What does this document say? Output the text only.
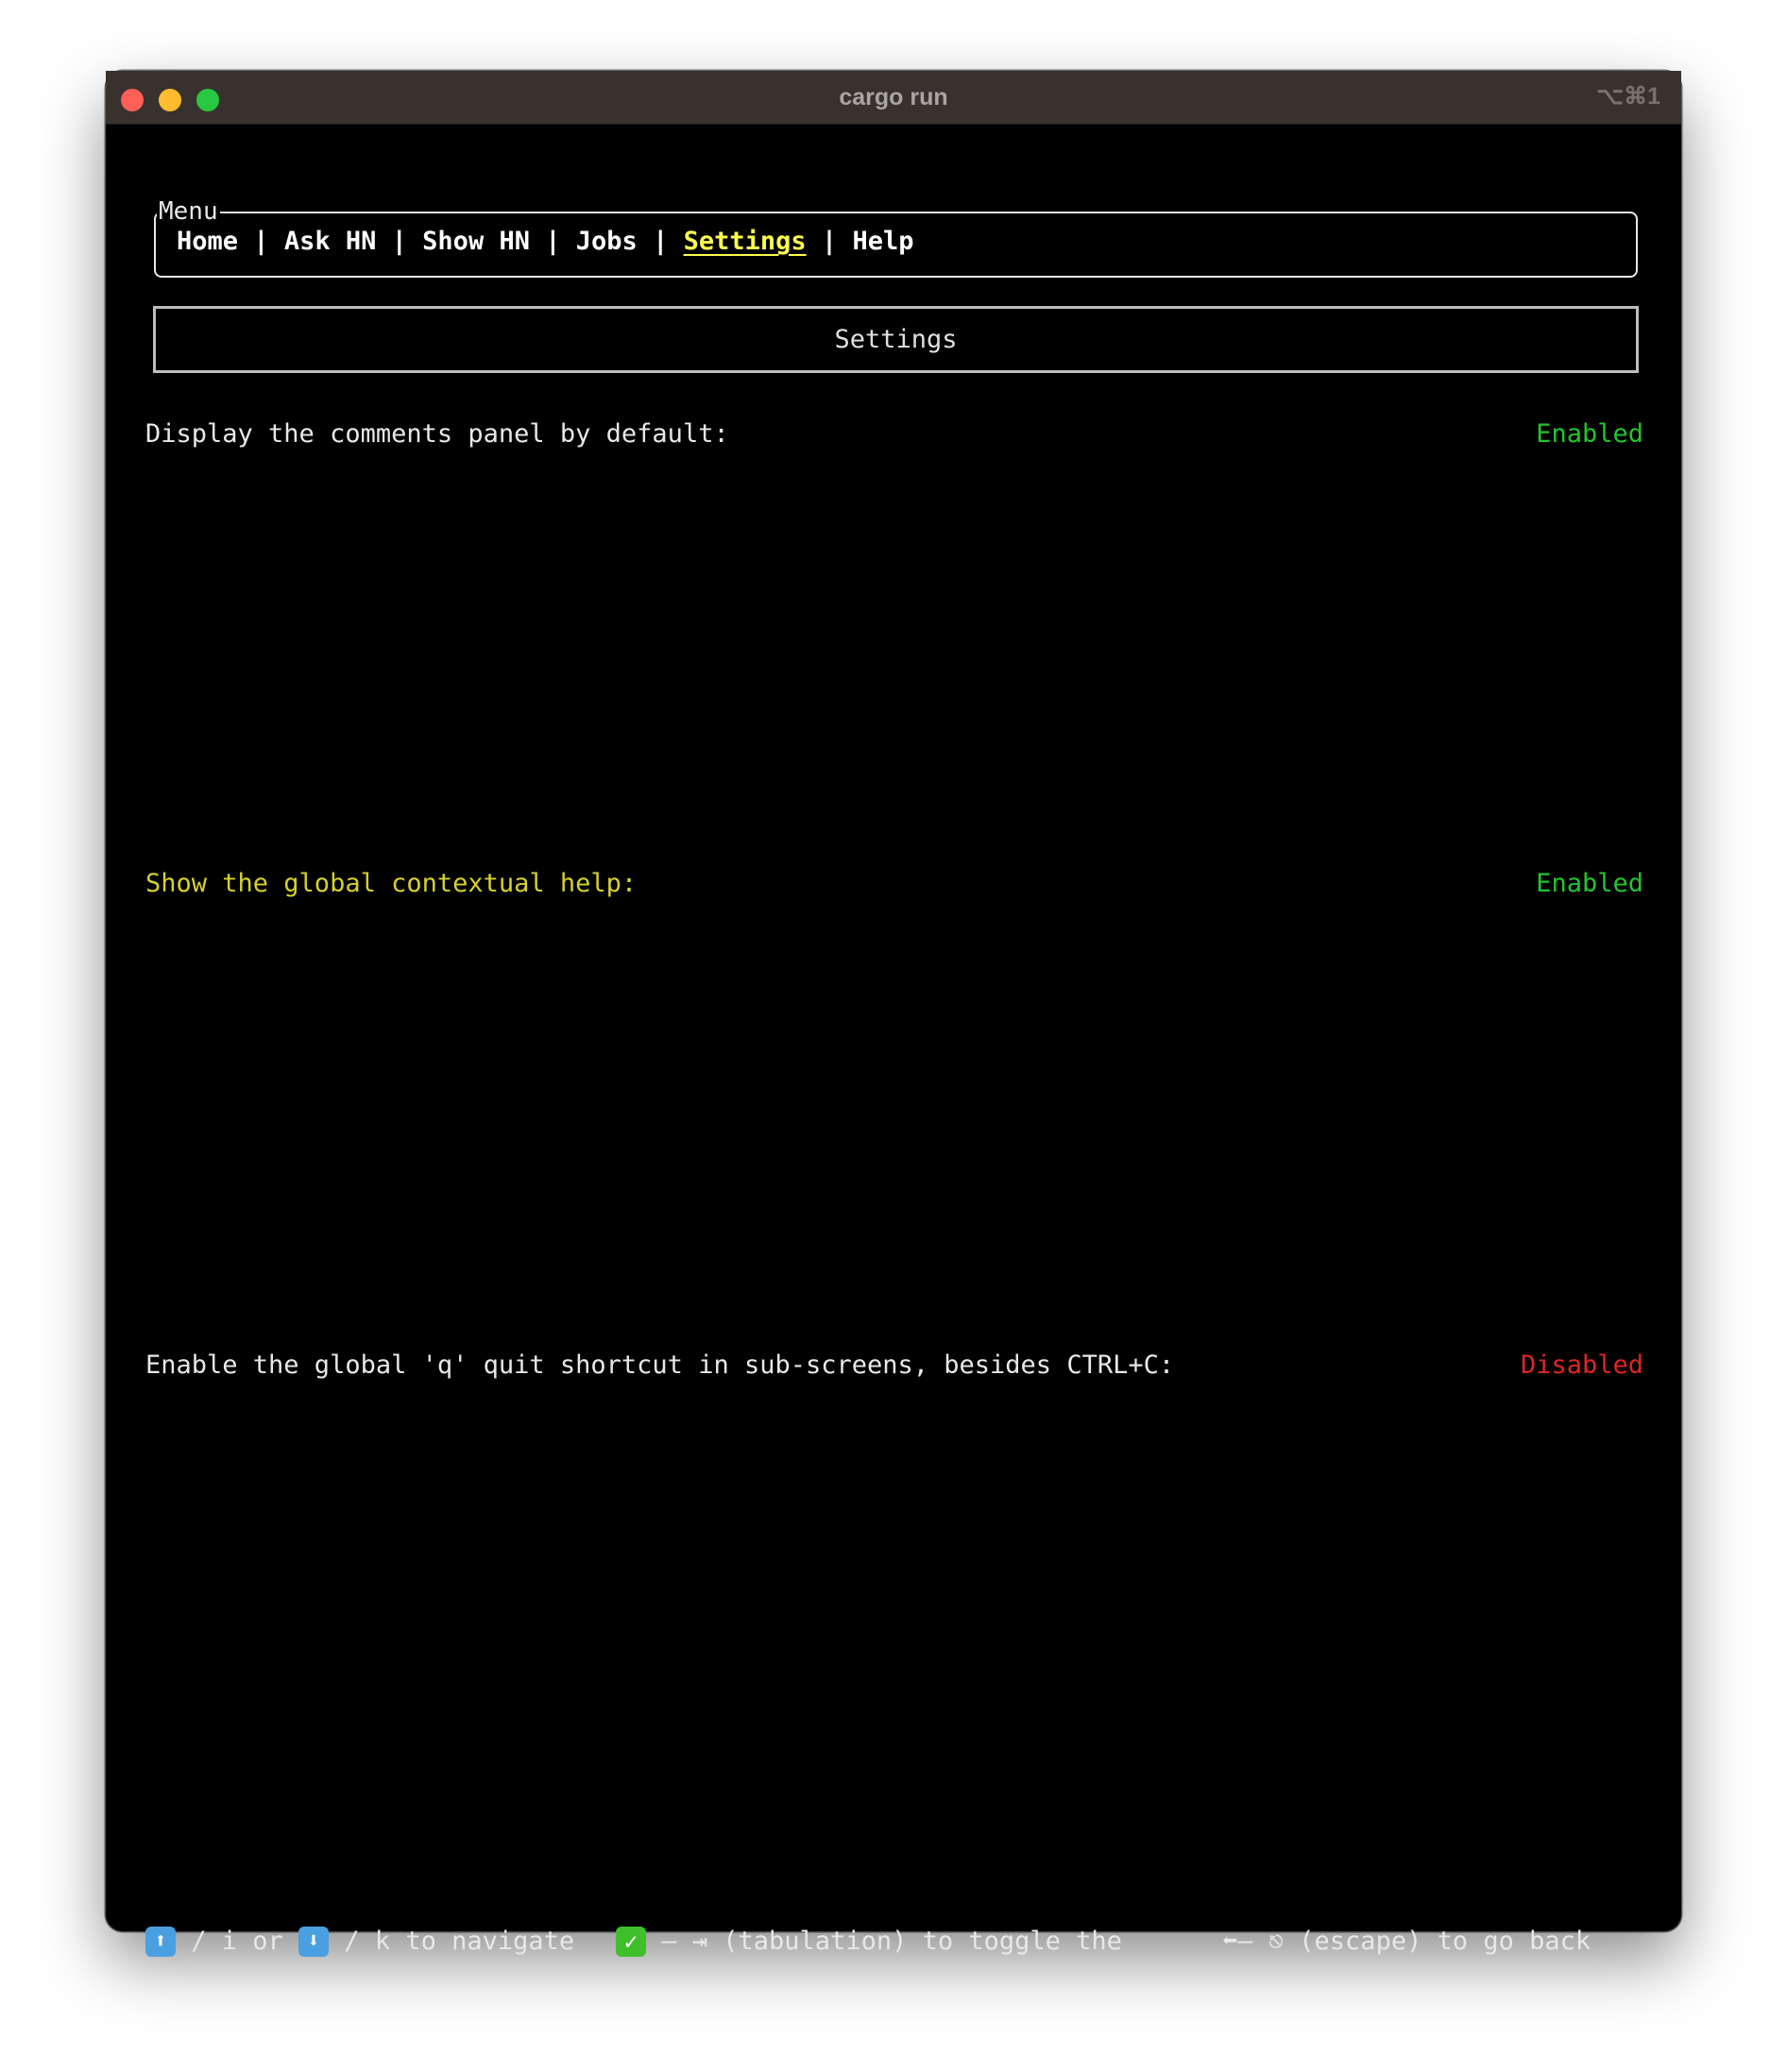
cargo run	⌥⌘1
Menu
Home | Ask HN | Show HN | Jobs | Settings | Help
Settings
Display the comments panel by default:	Enabled
Show the global contextual help:	Enabled
Enable the global 'q' quit shortcut in sub-screens, besides CTRL+C:	Disabled

⬆ / i or ⬇ / k to navigate

	✓ – ⇥ (tabulation) to toggle the

	⬅– ⎋ (escape) to go back
